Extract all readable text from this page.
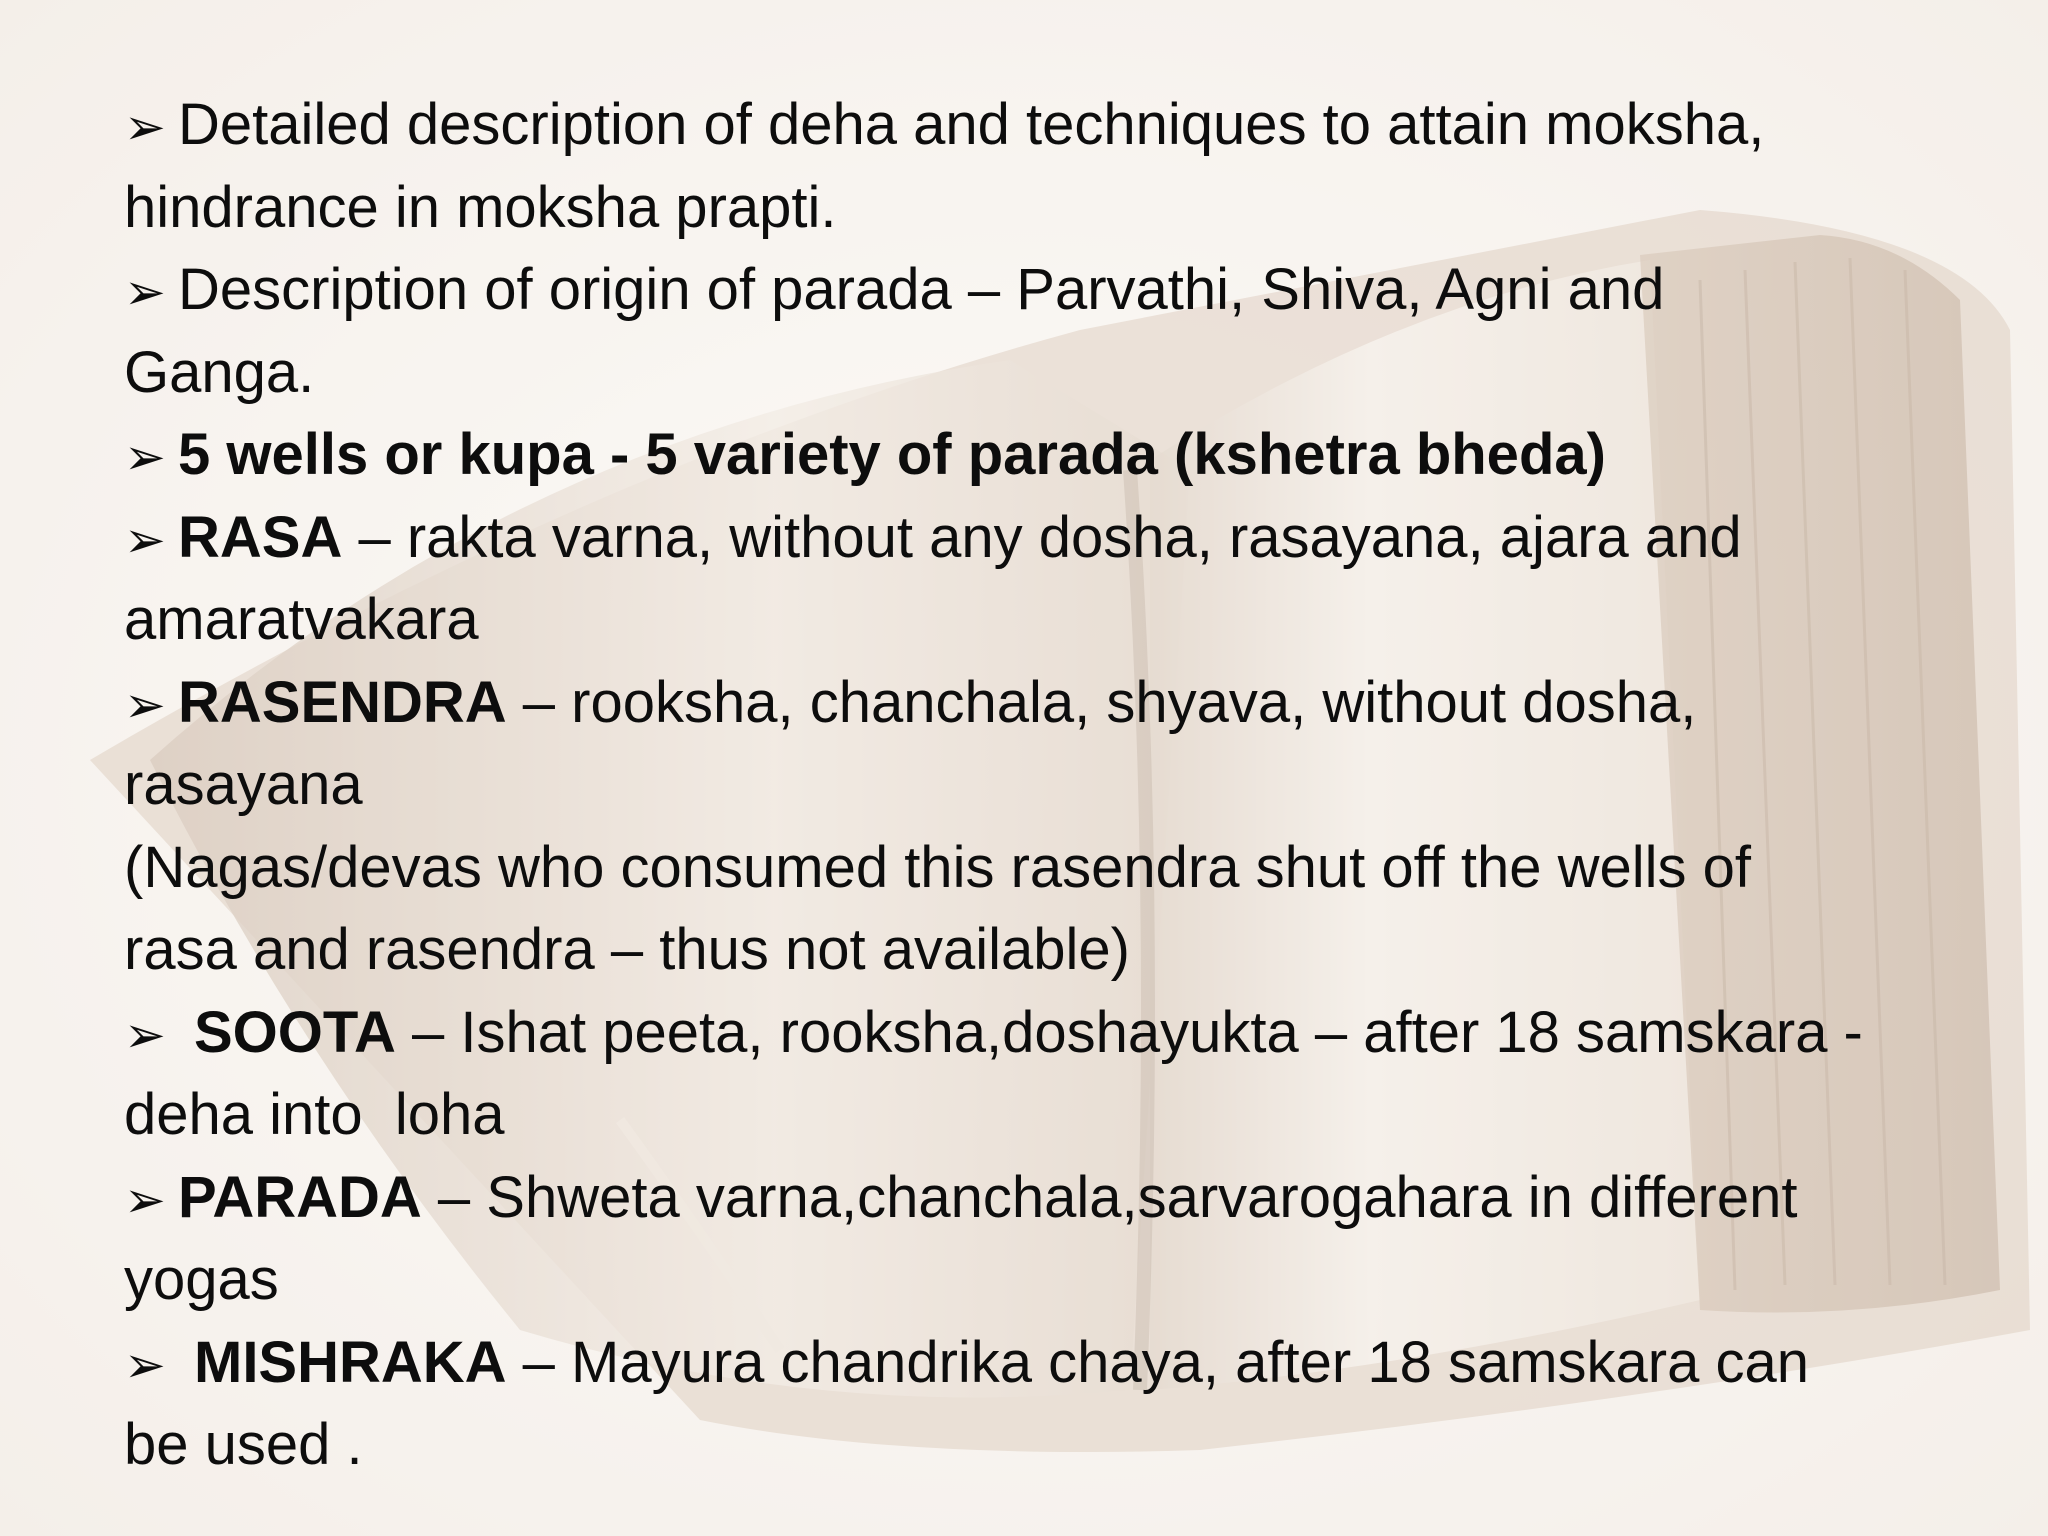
➢ Detailed description of deha and techniques to attain moksha,
hindrance in moksha prapti.
➢ Description of origin of parada – Parvathi, Shiva, Agni and
Ganga.
➢ 5 wells or kupa - 5 variety of parada (kshetra bheda)
➢ RASA – rakta varna, without any dosha, rasayana, ajara and
amaratvakara
➢ RASENDRA – rooksha, chanchala, shyava, without dosha,
rasayana
(Nagas/devas who consumed this rasendra shut off the wells of
rasa and rasendra – thus not available)
➢ SOOTA – Ishat peeta, rooksha,doshayukta – after 18 samskara -
deha into  loha
➢ PARADA – Shweta varna,chanchala,sarvarogahara in different
yogas
➢ MISHRAKA – Mayura chandrika chaya, after 18 samskara can
be used .
